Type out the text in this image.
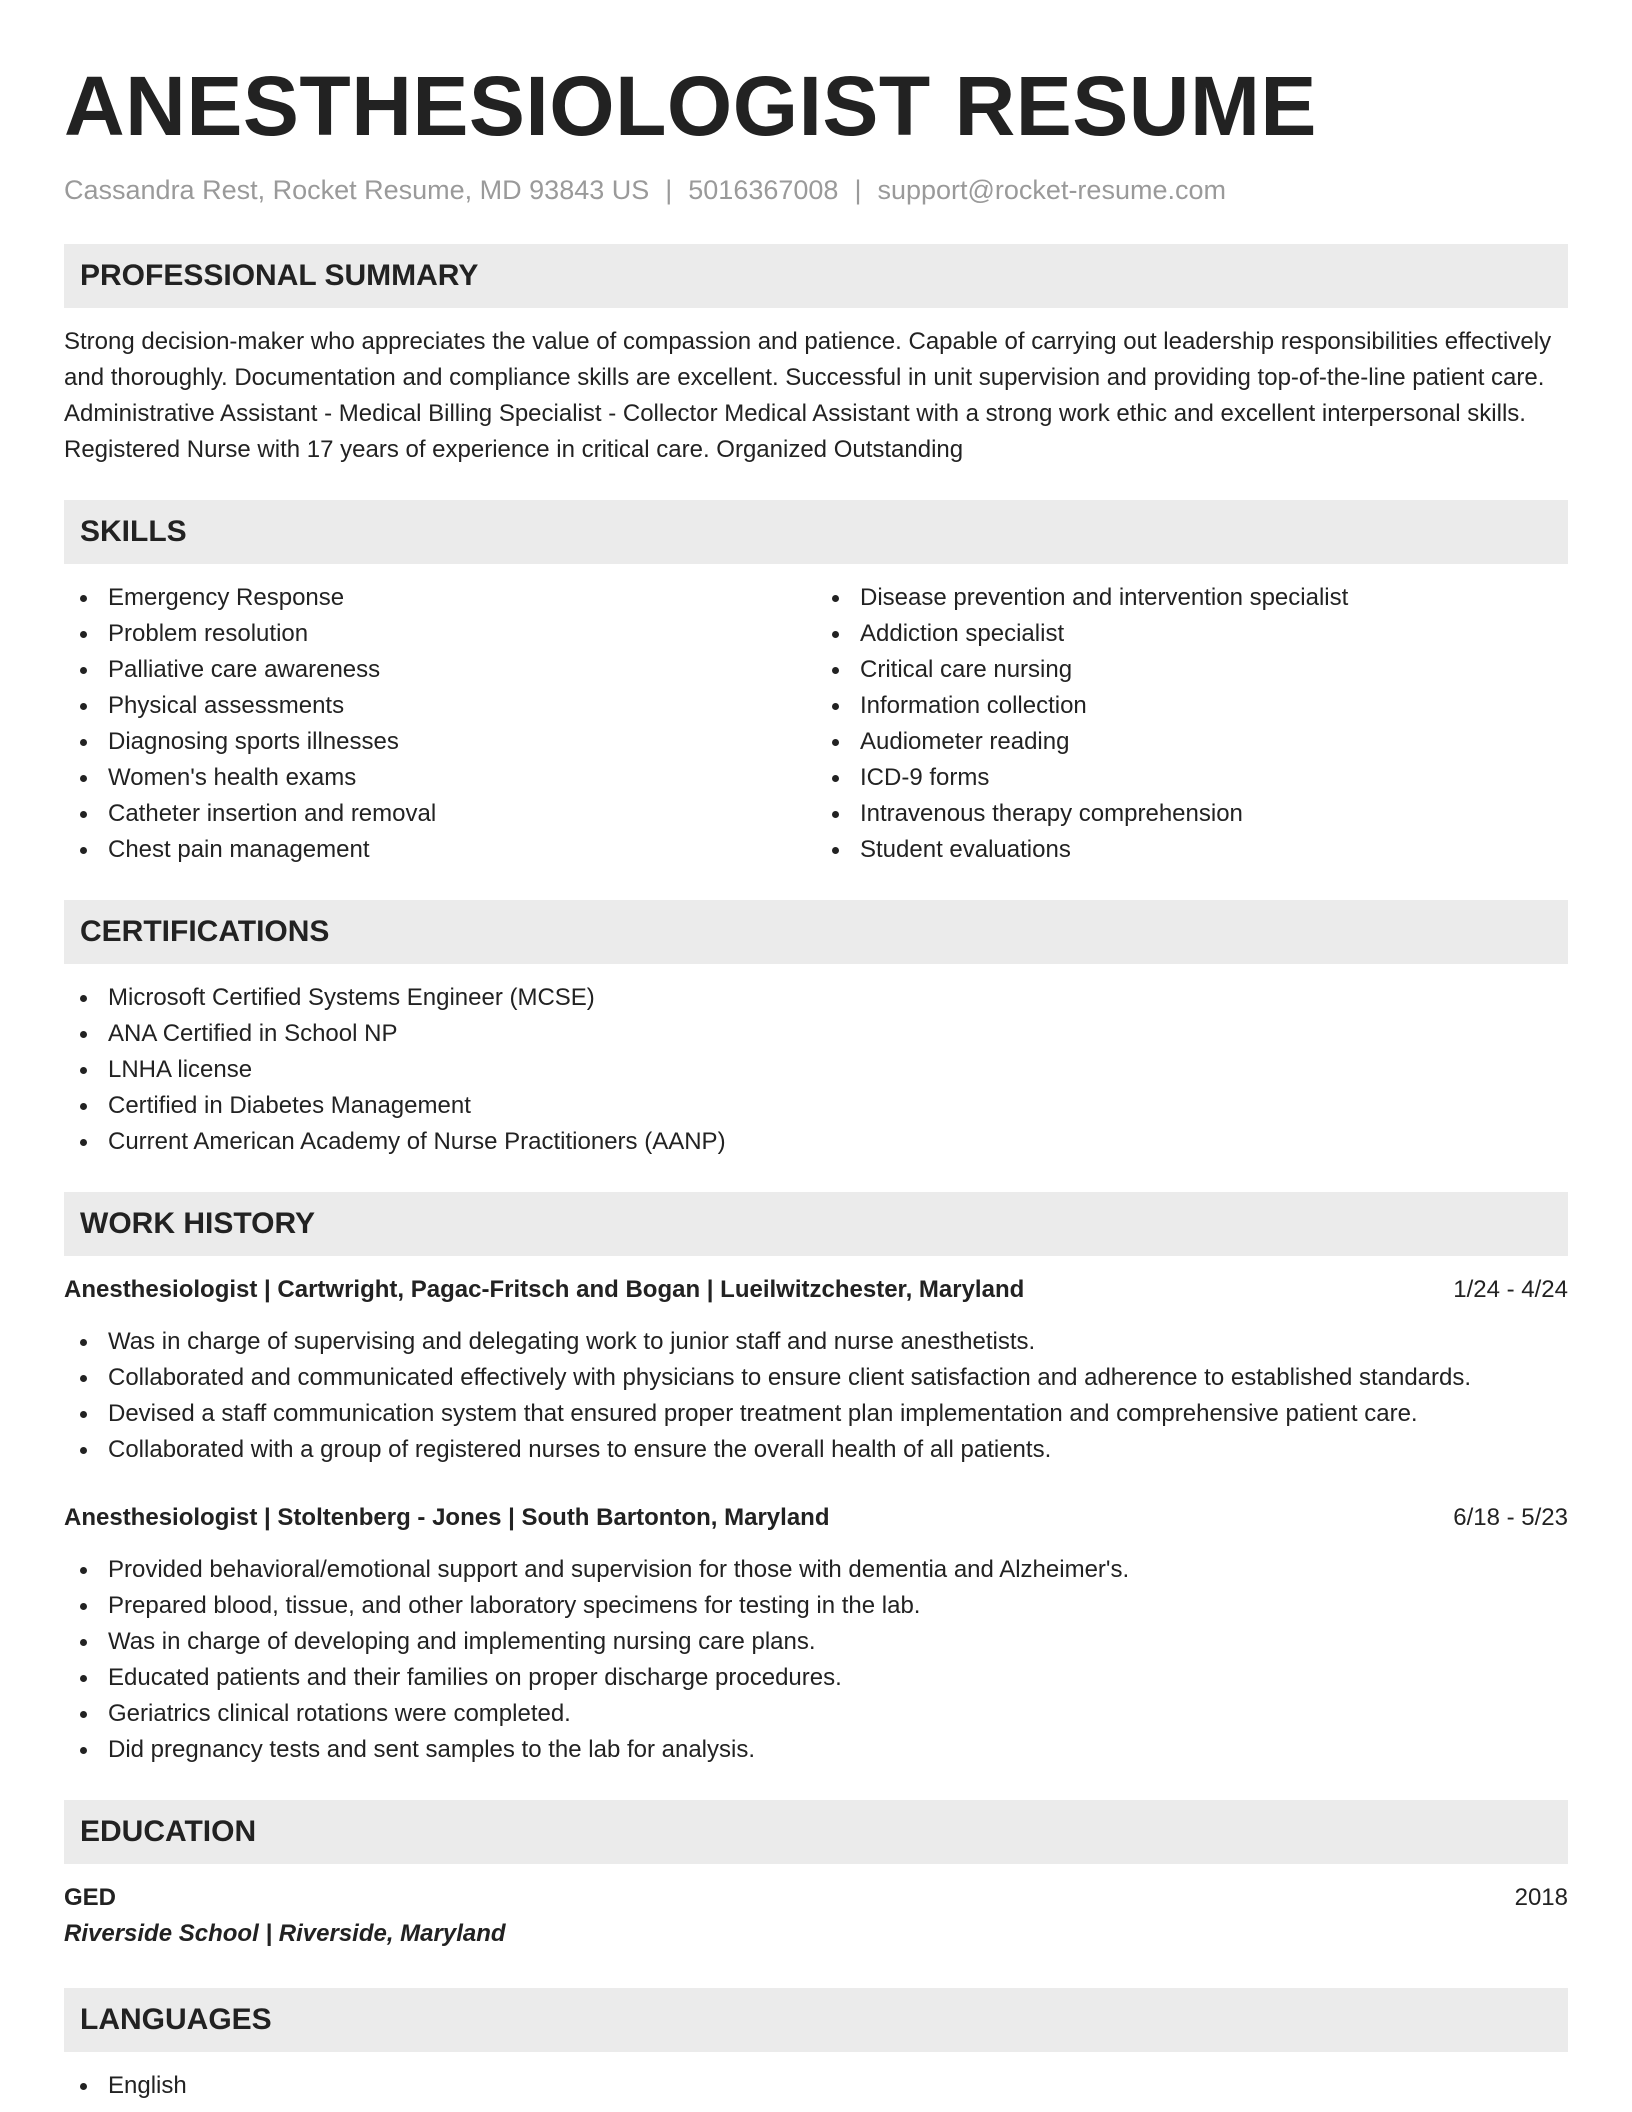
ANESTHESIOLOGIST RESUME
Cassandra Rest, Rocket Resume, MD 93843 US | 5016367008 | support@rocket-resume.com
PROFESSIONAL SUMMARY

Strong decision-maker who appreciates the value of compassion and patience. Capable of carrying out leadership responsibilities effectively and thoroughly. Documentation and compliance skills are excellent. Successful in unit supervision and providing top-of-the-line patient care. Administrative Assistant - Medical Billing Specialist - Collector Medical Assistant with a strong work ethic and excellent interpersonal skills. Registered Nurse with 17 years of experience in critical care. Organized Outstanding

SKILLS
Emergency Response
Problem resolution
Palliative care awareness
Physical assessments
Diagnosing sports illnesses
Women's health exams
Catheter insertion and removal
Chest pain management
Disease prevention and intervention specialist
Addiction specialist
Critical care nursing
Information collection
Audiometer reading
ICD-9 forms
Intravenous therapy comprehension
Student evaluations
CERTIFICATIONS
Microsoft Certified Systems Engineer (MCSE)
ANA Certified in School NP
LNHA license
Certified in Diabetes Management
Current American Academy of Nurse Practitioners (AANP)
WORK HISTORY
Anesthesiologist | Cartwright, Pagac-Fritsch and Bogan | Lueilwitzchester, Maryland	1/24 - 4/24
Was in charge of supervising and delegating work to junior staff and nurse anesthetists.
Collaborated and communicated effectively with physicians to ensure client satisfaction and adherence to established standards.
Devised a staff communication system that ensured proper treatment plan implementation and comprehensive patient care.
Collaborated with a group of registered nurses to ensure the overall health of all patients.
Anesthesiologist | Stoltenberg - Jones | South Bartonton, Maryland	6/18 - 5/23
Provided behavioral/emotional support and supervision for those with dementia and Alzheimer's.
Prepared blood, tissue, and other laboratory specimens for testing in the lab.
Was in charge of developing and implementing nursing care plans.
Educated patients and their families on proper discharge procedures.
Geriatrics clinical rotations were completed.
Did pregnancy tests and sent samples to the lab for analysis.
EDUCATION
GED	2018
Riverside School | Riverside, Maryland
LANGUAGES
English
